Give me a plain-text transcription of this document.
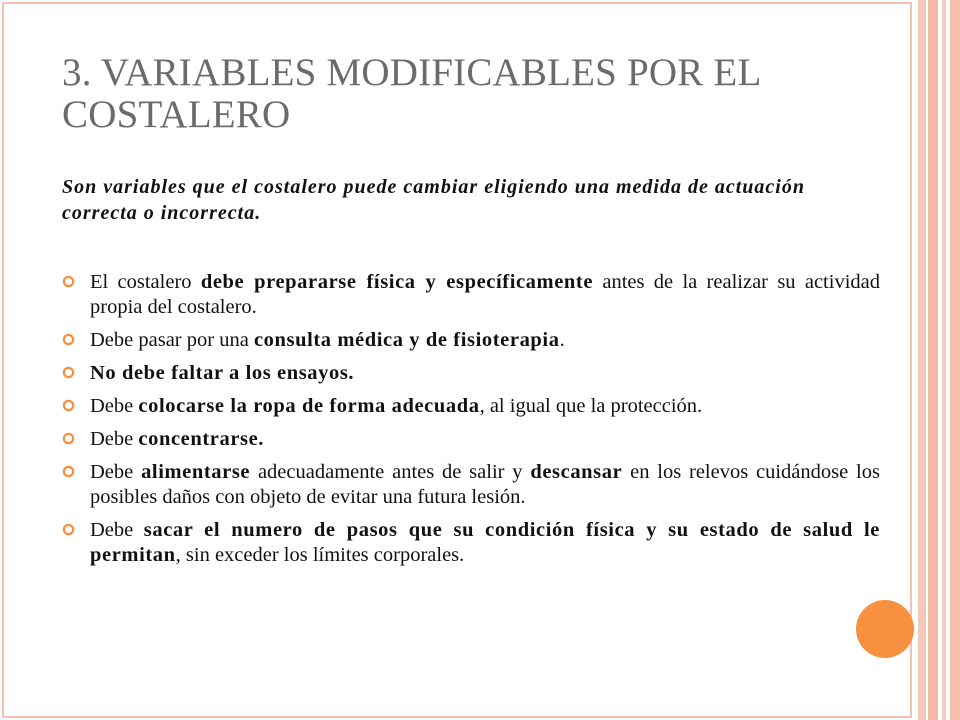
3. VARIABLES MODIFICABLES POR EL COSTALERO

Son variables que el costalero puede cambiar eligiendo una medida de actuación correcta o incorrecta.

El costalero debe prepararse física y específicamente antes de la realizar su actividad propia del costalero.
Debe pasar por una consulta médica y de fisioterapia.
No debe faltar a los ensayos.
Debe colocarse la ropa de forma adecuada, al igual que la protección.
Debe concentrarse.
Debe alimentarse adecuadamente antes de salir y descansar en los relevos cuidándose los posibles daños con objeto de evitar una futura lesión.
Debe sacar el numero de pasos que su condición física y su estado de salud le permitan, sin exceder los límites corporales.
